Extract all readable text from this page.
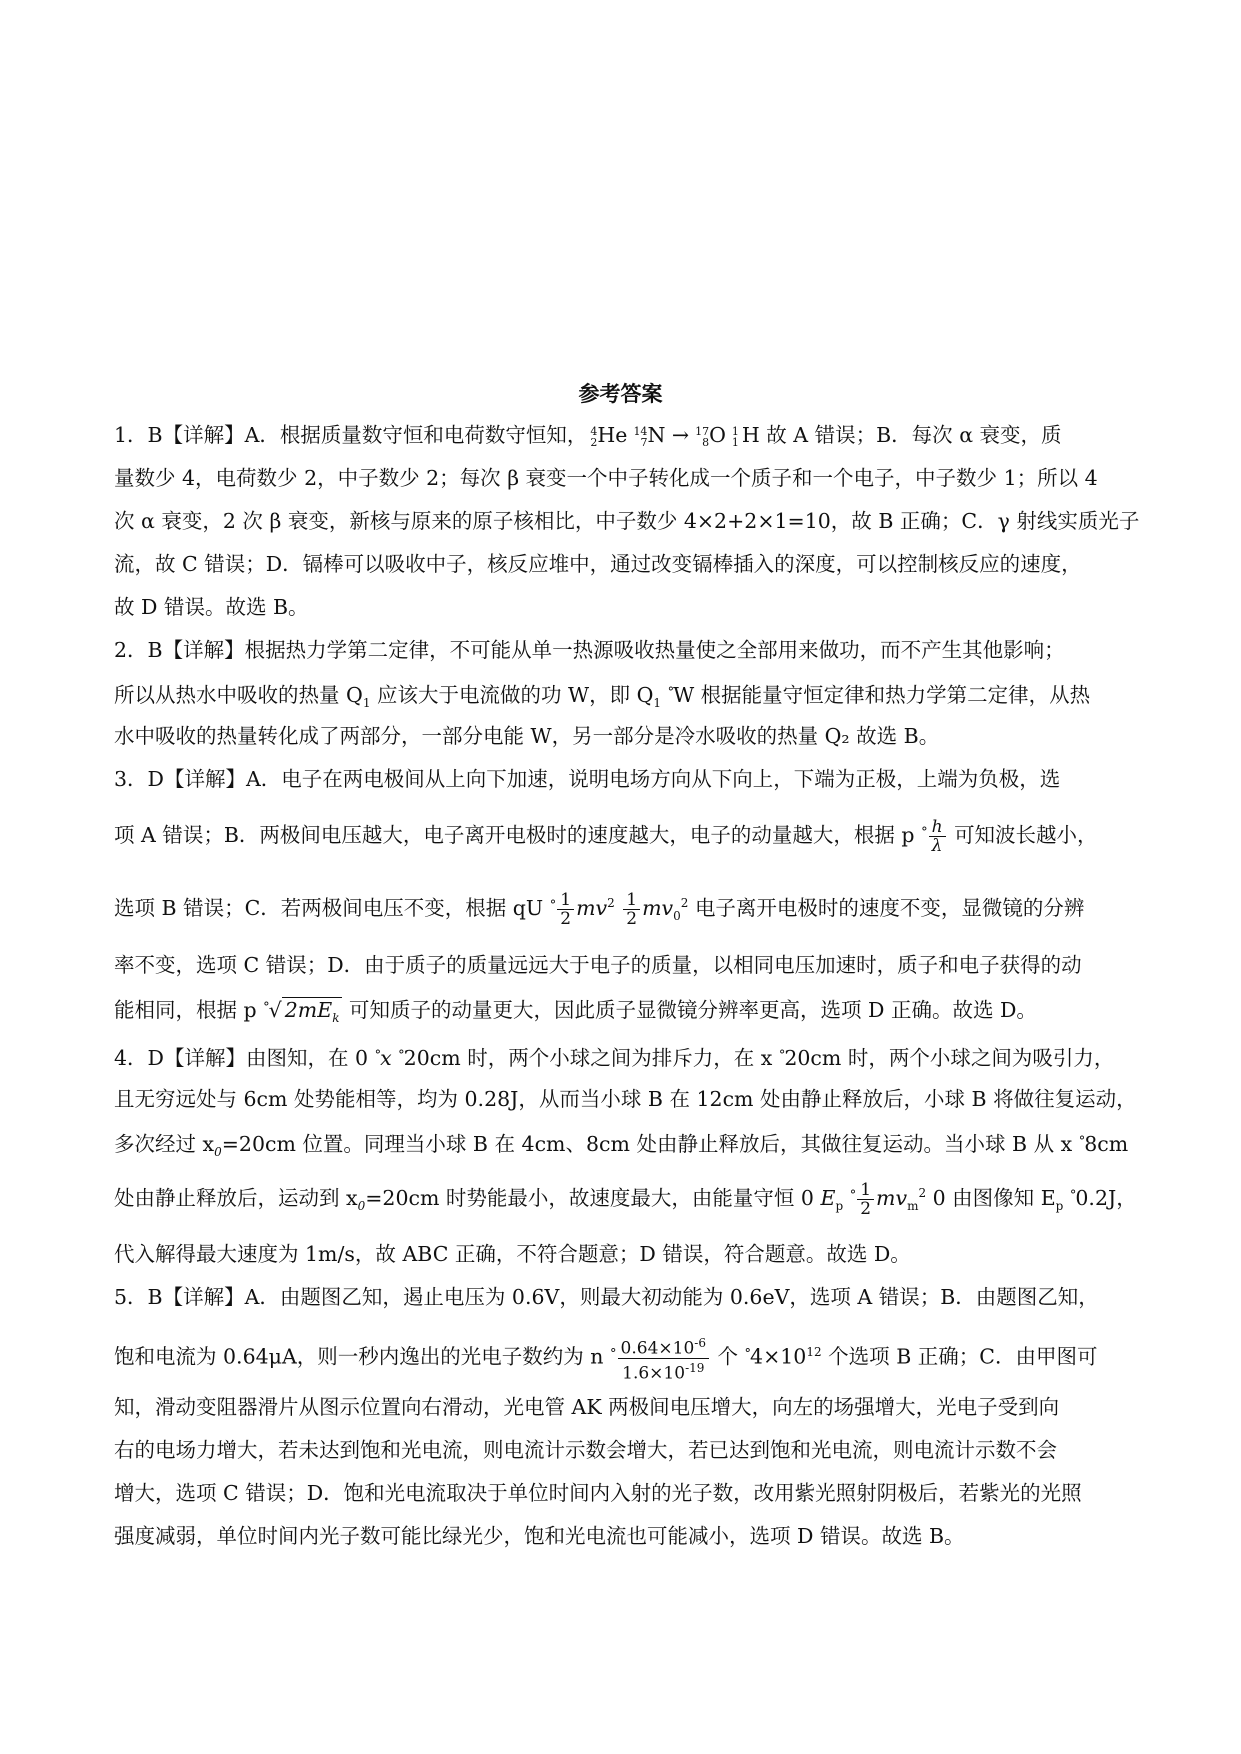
参考答案
1．B【详解】A．根据质量数守恒和电荷数守恒知， 4
2 He 14
7 N → 17
8 O 1
1 H 故 A 错误；B．每次 α 衰变，质
量数少 4，电荷数少 2，中子数少 2；每次 β 衰变一个中子转化成一个质子和一个电子，中子数少 1；所以 4
次 α 衰变，2 次 β 衰变，新核与原来的原子核相比，中子数少 4×2+2×1=10，故 B 正确；C．γ 射线实质光子
流，故 C 错误；D．镉棒可以吸收中子，核反应堆中，通过改变镉棒插入的深度，可以控制核反应的速度，
故 D 错误。故选 B。
2．B【详解】根据热力学第二定律，不可能从单一热源吸收热量使之全部用来做功，而不产生其他影响；
所以从热水中吸收的热量 $Q_1$ 应该大于电流做的功 W，即 $Q_1$ °W 根据能量守恒定律和热力学第二定律，从热
水中吸收的热量转化成了两部分，一部分电能 W，另一部分是冷水吸收的热量 Q₂ 故选 B。
3．D【详解】A．电子在两电极间从上向下加速，说明电场方向从下向上，下端为正极，上端为负极，选
项 A 错误；B．两极间电压越大，电子离开电极时的速度越大，电子的动量越大，根据 p $^\circ \frac{h}{\lambda}$ 可知波长越小，
选项 B 错误；C．若两极间电压不变，根据 qU $^\circ \frac{1}{2} mv^2 \frac{1}{2} mv_0^2$ 电子离开电极时的速度不变，显微镜的分辨
率不变，选项 C 错误；D．由于质子的质量远远大于电子的质量，以相同电压加速时，质子和电子获得的动
能相同，根据 p °√ $2mE_k$ 可知质子的动量更大，因此质子显微镜分辨率更高，选项 D 正确。故选 D。
4．D【详解】由图知，在 0 °x °20cm 时，两个小球之间为排斥力，在 x °20cm 时，两个小球之间为吸引力，
且无穷远处与 6cm 处势能相等，均为 0.28J，从而当小球 B 在 12cm 处由静止释放后，小球 B 将做往复运动，
多次经过 $x_0=20cm$ 位置。同理当小球 B 在 4cm、8cm 处由静止释放后，其做往复运动。当小球 B 从 x °8cm
处由静止释放后，运动到 $x_0=20cm$ 时势能最小，故速度最大，由能量守恒 0 $E_p$ $^\circ \frac{1}{2} mv_m^2$ 0 由图像知 $E_p$ °0.2J，
代入解得最大速度为 1m/s，故 ABC 正确，不符合题意；D 错误，符合题意。故选 D。
5．B【详解】A．由题图乙知，遏止电压为 0.6V，则最大初动能为 0.6eV，选项 A 错误；B．由题图乙知，
饱和电流为 0.64μA，则一秒内逸出的光电子数约为 n $^\circ \frac{0.64\times 10^{-6}}{1.6\times 10^{-19}}$ 个 $^\circ 4\times 10^{12}$ 个选项 B 正确；C．由甲图可
知，滑动变阻器滑片从图示位置向右滑动，光电管 AK 两极间电压增大，向左的场强增大，光电子受到向
右的电场力增大，若未达到饱和光电流，则电流计示数会增大，若已达到饱和光电流，则电流计示数不会
增大，选项 C 错误；D．饱和光电流取决于单位时间内入射的光子数，改用紫光照射阴极后，若紫光的光照
强度减弱，单位时间内光子数可能比绿光少，饱和光电流也可能减小，选项 D 错误。故选 B。
